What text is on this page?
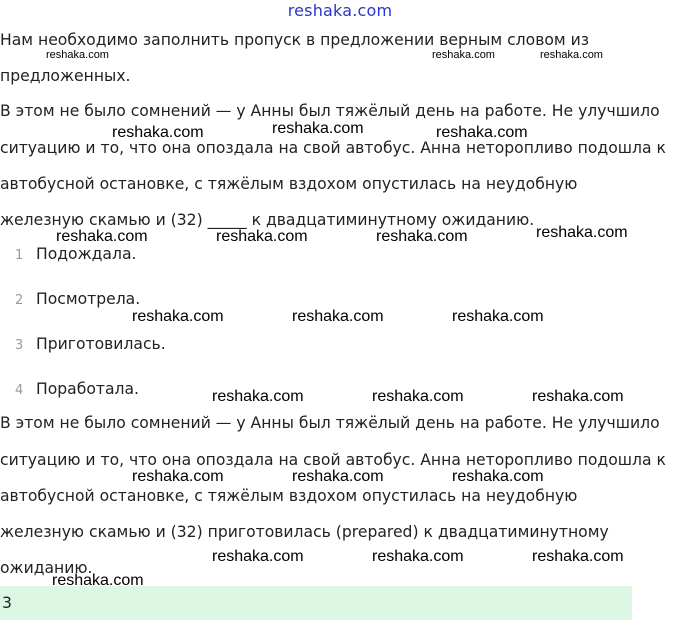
reshaka.com

Нам необходимо заполнить пропуск в предложении верным словом из

предложенных.

В этом не было сомнений — у Анны был тяжёлый день на работе. Не улучшило

ситуацию и то, что она опоздала на свой автобус. Анна неторопливо подошла к

автобусной остановке, с тяжёлым вздохом опустилась на неудобную

железную скамью и (32) _____ к двадцатиминутному ожиданию.

1 Подождала.
2 Посмотрела.
3 Приготовилась.
4 Поработала.

В этом не было сомнений — у Анны был тяжёлый день на работе. Не улучшило

ситуацию и то, что она опоздала на свой автобус. Анна неторопливо подошла к

автобусной остановке, с тяжёлым вздохом опустилась на неудобную

железную скамью и (32) приготовилась (prepared) к двадцатиминутному

ожиданию.

3
reshaka.com	reshaka.com	reshaka.com
reshaka.com	reshaka.com	reshaka.com
reshaka.com	reshaka.com	reshaka.com	reshaka.com
reshaka.com	reshaka.com	reshaka.com
reshaka.com	reshaka.com	reshaka.com
reshaka.com	reshaka.com	reshaka.com
reshaka.com	reshaka.com	reshaka.com
reshaka.com
